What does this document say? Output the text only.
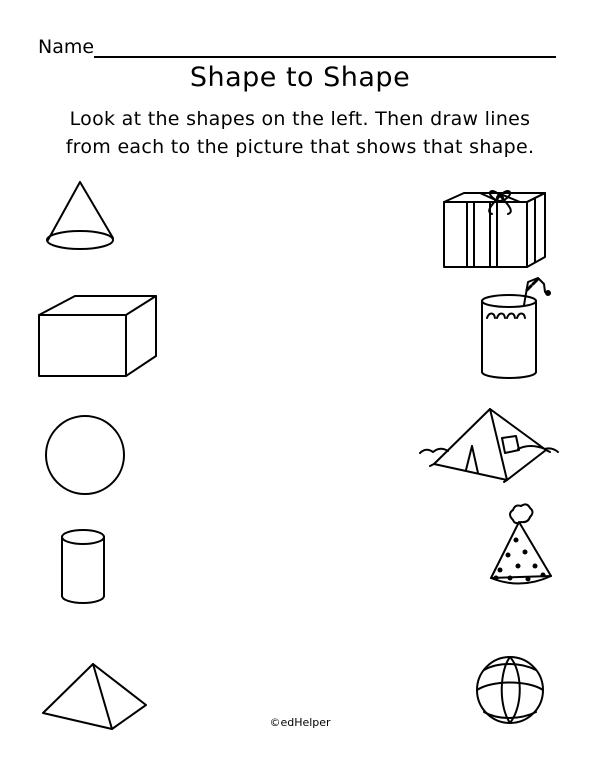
Name
Shape to Shape
Look at the shapes on the left. Then draw lines
from each to the picture that shows that shape.
©edHelper
